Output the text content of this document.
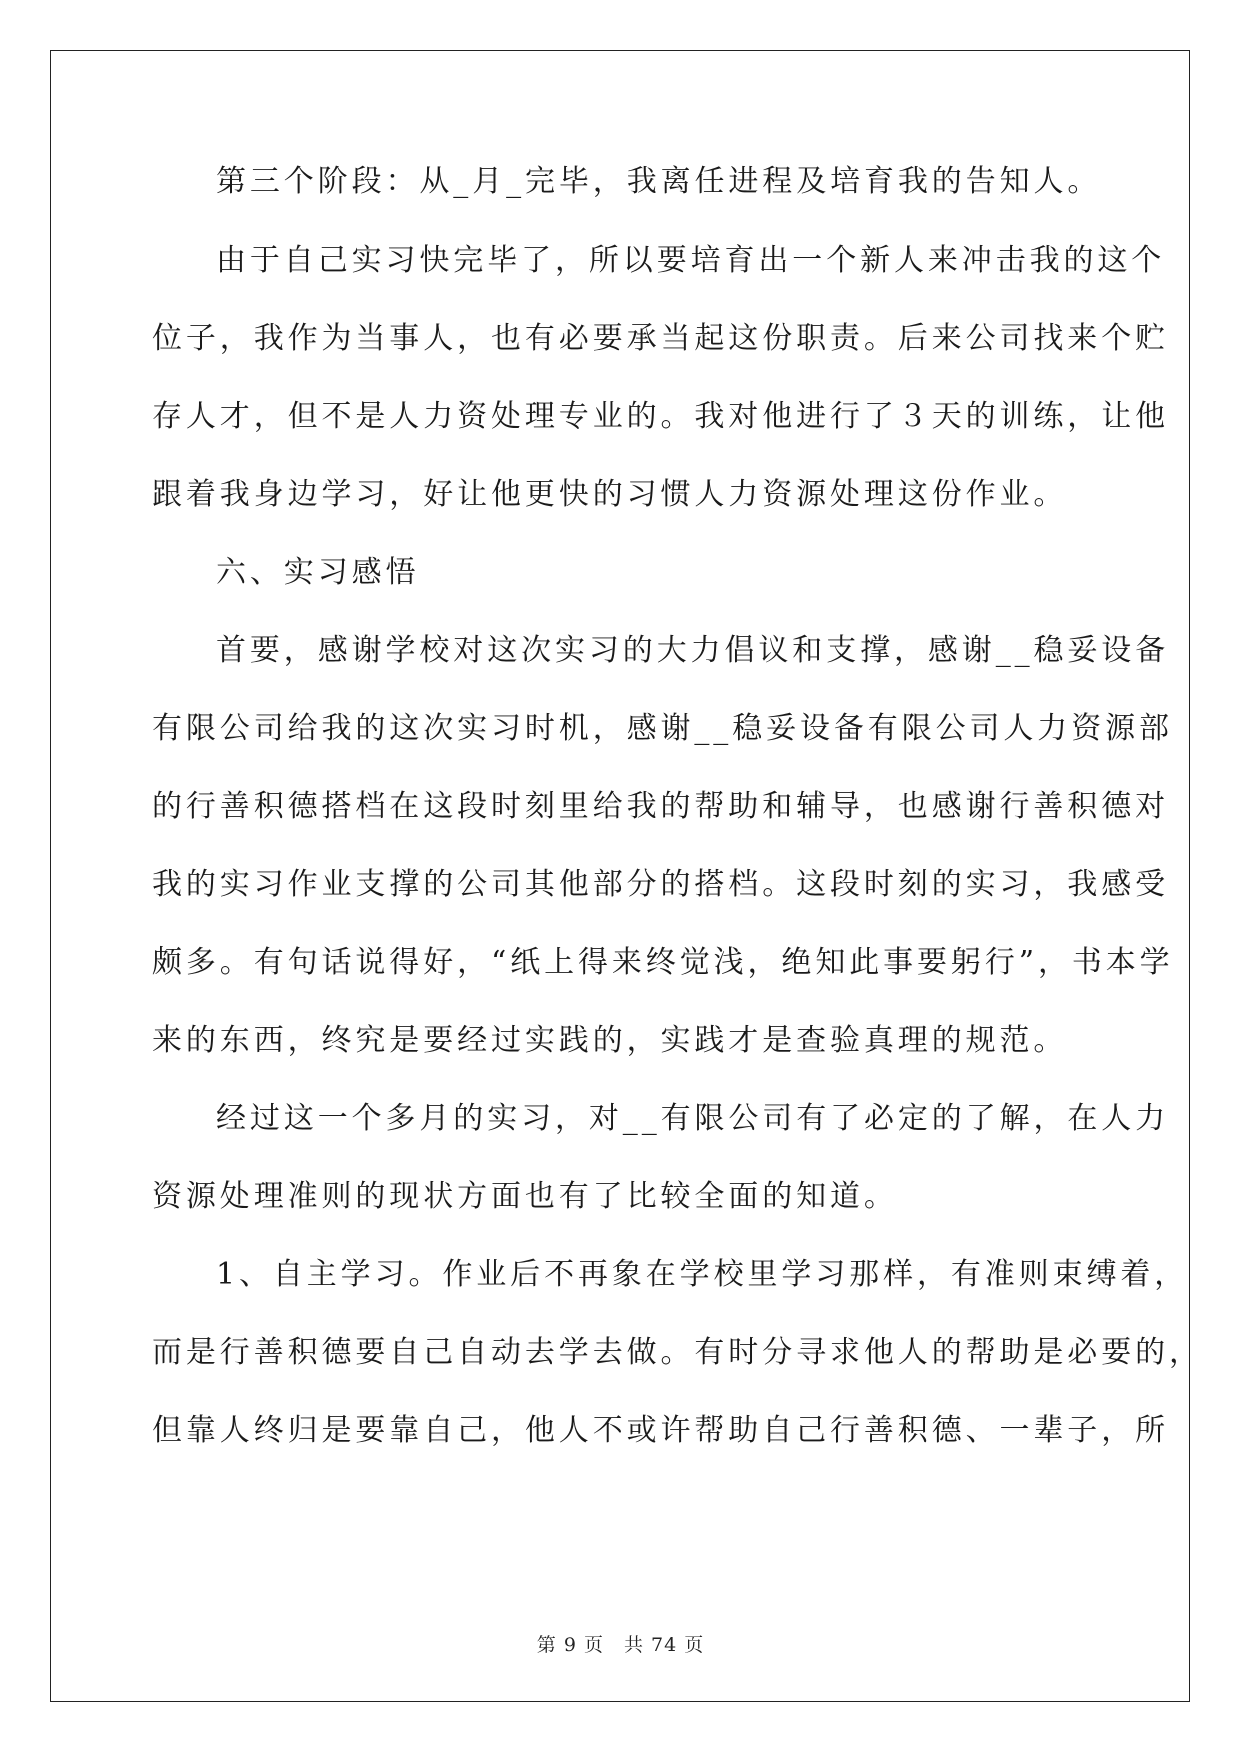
第三个阶段：从_月_完毕，我离任进程及培育我的告知人。

由于自己实习快完毕了，所以要培育出一个新人来冲击我的这个

位子，我作为当事人，也有必要承当起这份职责。后来公司找来个贮

存人才，但不是人力资处理专业的。我对他进行了３天的训练，让他

跟着我身边学习，好让他更快的习惯人力资源处理这份作业。

六、实习感悟

首要，感谢学校对这次实习的大力倡议和支撑，感谢__稳妥设备

有限公司给我的这次实习时机，感谢__稳妥设备有限公司人力资源部

的行善积德搭档在这段时刻里给我的帮助和辅导，也感谢行善积德对

我的实习作业支撑的公司其他部分的搭档。这段时刻的实习，我感受

颇多。有句话说得好，“纸上得来终觉浅，绝知此事要躬行”，书本学

来的东西，终究是要经过实践的，实践才是查验真理的规范。

经过这一个多月的实习，对__有限公司有了必定的了解，在人力

资源处理准则的现状方面也有了比较全面的知道。

1、自主学习。作业后不再象在学校里学习那样，有准则束缚着，

而是行善积德要自己自动去学去做。有时分寻求他人的帮助是必要的，

但靠人终归是要靠自己，他人不或许帮助自己行善积德、一辈子，所

第 9 页　共 74 页
